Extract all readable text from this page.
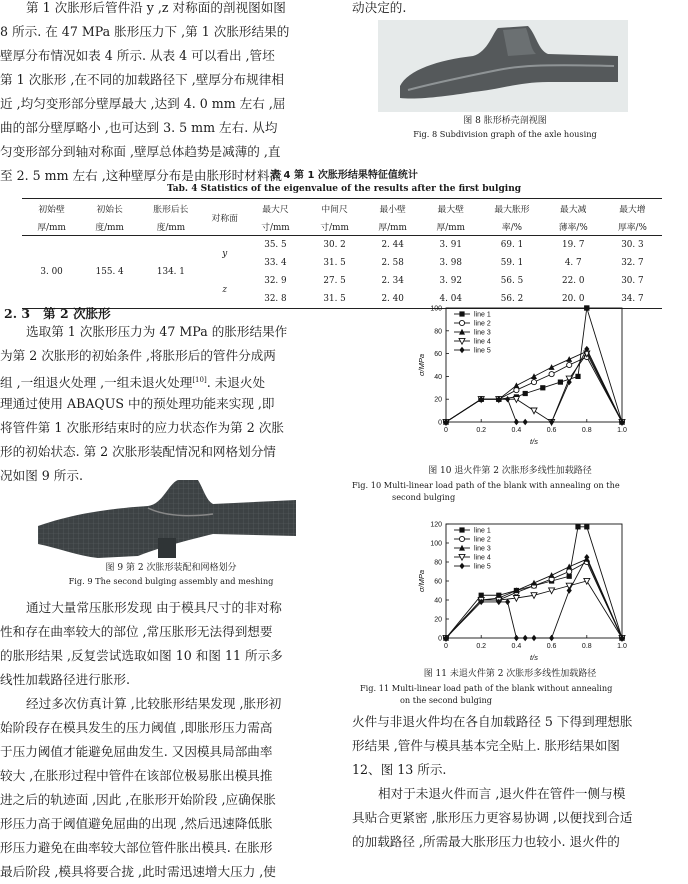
第 1 次胀形后管件沿 y ,z 对称面的剖视图如图
8 所示. 在 47 MPa 胀形压力下 ,第 1 次胀形结果的
壁厚分布情况如表 4 所示. 从表 4 可以看出 ,管坯
第 1 次胀形 ,在不同的加载路径下 ,壁厚分布规律相
近 ,均匀变形部分壁厚最大 ,达到 4. 0 mm 左右 ,屈
曲的部分壁厚略小 ,也可达到 3. 5 mm 左右. 从均
匀变形部分到轴对称面 ,壁厚总体趋势是减薄的 ,直
至 2. 5 mm 左右 ,这种壁厚分布是由胀形时材料流
动决定的.
图 8 胀形桥壳剖视图
Fig. 8 Subdivision graph of the axle housing
表 4 第 1 次胀形结果特征值统计
Tab. 4 Statistics of the eigenvalue of the results after the first bulging
初始壁	初始长	胀形后长	对称面	最大尺	中间尺	最小壁	最大壁	最大胀形	最大减	最大增
厚/mm	度/mm	度/mm		寸/mm	寸/mm	厚/mm	厚/mm	率/%	薄率/%	厚率/%
3. 00	155. 4	134. 1	y	35. 5	30. 2	2. 44	3. 91	69. 1	19. 7	30. 3
				33. 4	31. 5	2. 58	3. 98	59. 1	4. 7	32. 7
			z	32. 9	27. 5	2. 34	3. 92	56. 5	22. 0	30. 7
				32. 8	31. 5	2. 40	4. 04	56. 2	20. 0	34. 7
2. 3 第 2 次胀形
选取第 1 次胀形压力为 47 MPa 的胀形结果作
为第 2 次胀形的初始条件 ,将胀形后的管件分成两
组 ,一组退火处理 ,一组未退火处理[10]. 未退火处
理通过使用 ABAQUS 中的预处理功能来实现 ,即
将管件第 1 次胀形结束时的应力状态作为第 2 次胀
形的初始状态. 第 2 次胀形装配情况和网格划分情
况如图 9 所示.
图 9 第 2 次胀形装配和网格划分
Fig. 9 The second bulging assembly and meshing
通过大量常压胀形发现 由于模具尺寸的非对称
性和存在曲率较大的部位 ,常压胀形无法得到想要
的胀形结果 ,反复尝试选取如图 10 和图 11 所示多
线性加载路径进行胀形.
经过多次仿真计算 ,比较胀形结果发现 ,胀形初
始阶段存在模具发生的压力阈值 ,即胀形压力需高
于压力阈值才能避免屈曲发生. 又因模具局部曲率
较大 ,在胀形过程中管件在该部位极易胀出模具推
进之后的轨迹面 ,因此 ,在胀形开始阶段 ,应确保胀
形压力高于阈值避免屈曲的出现 ,然后迅速降低胀
形压力避免在曲率较大部位管件胀出模具. 在胀形
最后阶段 ,模具将要合拢 ,此时需迅速增大压力 ,使
0	0.2	0.4	0.6	0.8	1.0
0
20
40
60
80
100
t/s
σ/MPa
line 1
line 2
line 3
line 4
line 5
图 10 退火件第 2 次胀形多线性加载路径
Fig. 10 Multi-linear load path of the blank with annealing on the
second bulging
0	0.2	0.4	0.6	0.8	1.0
0
20
40
60
80
100
120
t/s
σ/MPa
line 1
line 2
line 3
line 4
line 5
图 11 未退火件第 2 次胀形多线性加载路径
Fig. 11 Multi-linear load path of the blank without annealing
on the second bulging
火件与非退火件均在各自加载路径 5 下得到理想胀
形结果 ,管件与模具基本完全贴上. 胀形结果如图
12、图 13 所示.
相对于未退火件而言 ,退火件在管件一侧与模
具贴合更紧密 ,胀形压力更容易协调 ,以便找到合适
的加载路径 ,所需最大胀形压力也较小. 退火件的
